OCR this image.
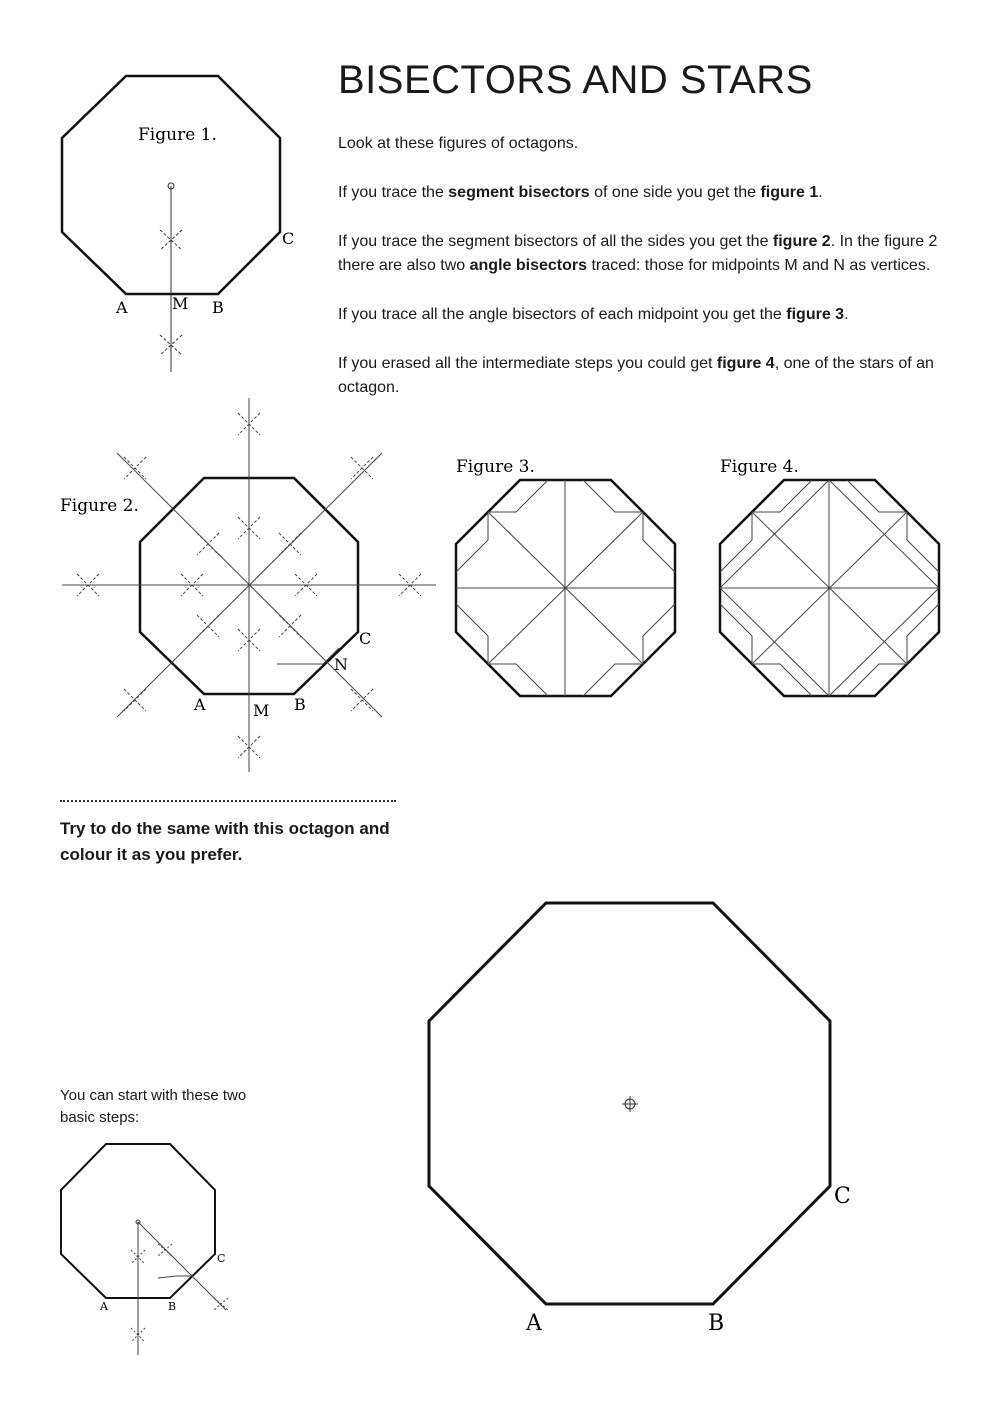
BISECTORS AND STARS

Look at these figures of octagons.

If you trace the segment bisectors of one side you get the figure 1.

If you trace the segment bisectors of all the sides you get the figure 2. In the figure 2 there are also two angle bisectors traced: those for midpoints M and N as vertices.

If you trace all the angle bisectors of each midpoint you get the figure 3.

If you erased all the intermediate steps you could get figure 4, one of the stars of an octagon.

Try to do the same with this octagon and colour it as you prefer.

You can start with these two basic steps:

Figure 1.
A	M B
C
Figure 2.
A	M B
C
N
Figure 3.	Figure 4.
A	B
C
A	B
C
